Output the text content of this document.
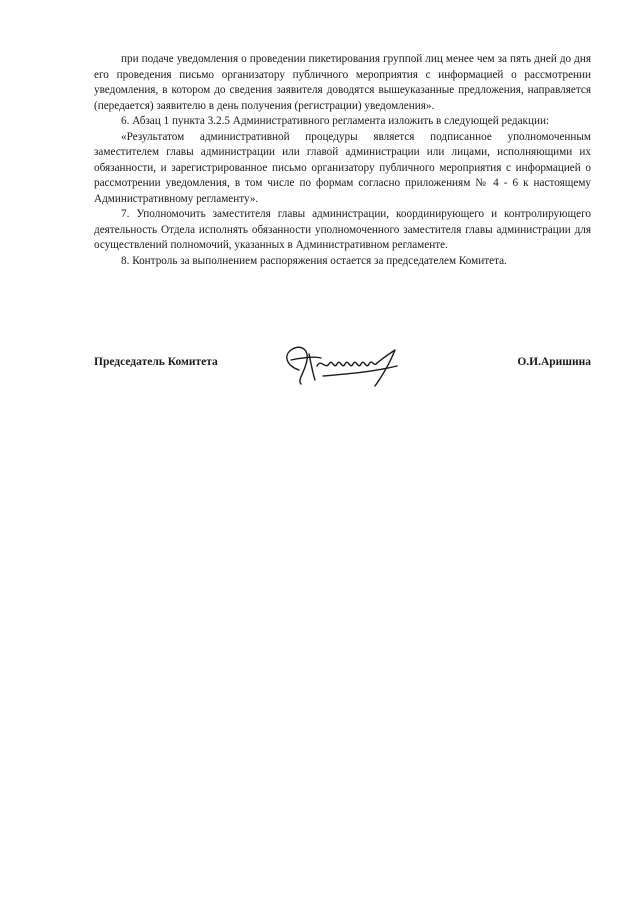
при подаче уведомления о проведении пикетирования группой лиц менее чем за пять дней до дня его проведения письмо организатору публичного мероприятия с информацией о рассмотрении уведомления, в котором до сведения заявителя доводятся вышеуказанные предложения, направляется (передается) заявителю в день получения (регистрации) уведомления».

6. Абзац 1 пункта 3.2.5 Административного регламента изложить в следующей редакции:

«Результатом административной процедуры является подписанное уполномоченным заместителем главы администрации или главой администрации или лицами, исполняющими их обязанности, и зарегистрированное письмо организатору публичного мероприятия с информацией о рассмотрении уведомления, в том числе по формам согласно приложениям № 4 - 6 к настоящему Административному регламенту».

7. Уполномочить заместителя главы администрации, координирующего и контролирующего деятельность Отдела исполнять обязанности уполномоченного заместителя главы администрации для осуществлений полномочий, указанных в Административном регламенте.

8. Контроль за выполнением распоряжения остается за председателем Комитета.

Председатель Комитета	О.И.Аришина
